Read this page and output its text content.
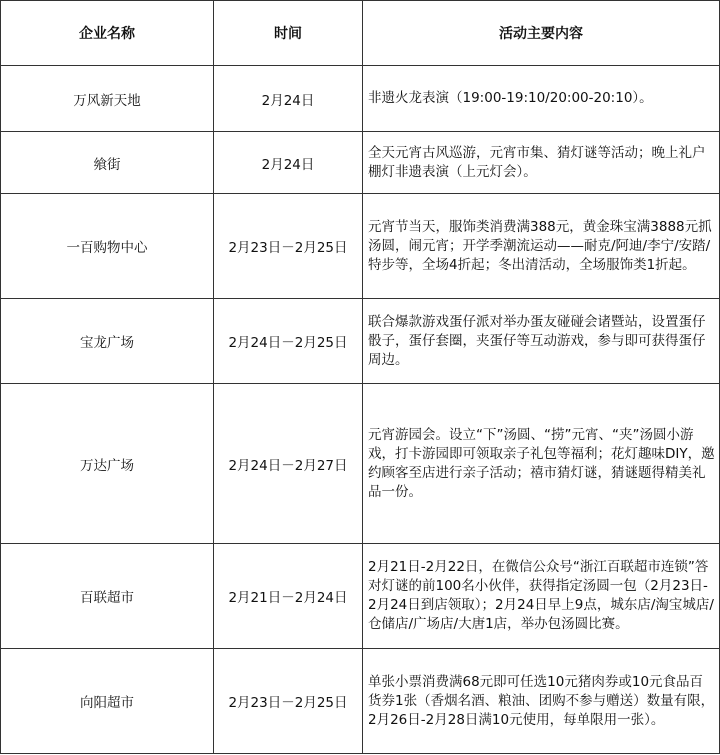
企业名称	时间	活动主要内容
万风新天地	2月24日	非遗火龙表演（19:00-19:10/20:00-20:10）。
飨街	2月24日	全天元宵古风巡游，元宵市集、猜灯谜等活动；晚上礼户棚灯非遗表演（上元灯会）。
一百购物中心	2月23日－2月25日	元宵节当天，服饰类消费满388元，黄金珠宝满3888元抓汤圆，闹元宵；开学季潮流运动——耐克/阿迪/李宁/安踏/特步等，全场4折起；冬出清活动，全场服饰类1折起。
宝龙广场	2月24日－2月25日	联合爆款游戏蛋仔派对举办蛋友碰碰会诸暨站，设置蛋仔骰子，蛋仔套圈，夹蛋仔等互动游戏，参与即可获得蛋仔周边。
万达广场	2月24日－2月27日	元宵游园会。设立“下”汤圆、“捞”元宵、“夹”汤圆小游戏，打卡游园即可领取亲子礼包等福利；花灯趣味DIY，邀约顾客至店进行亲子活动；禧市猜灯谜，猜谜题得精美礼品一份。
百联超市	2月21日－2月24日	2月21日-2月22日，在微信公众号“浙江百联超市连锁”答对灯谜的前100名小伙伴，获得指定汤圆一包（2月23日-2月24日到店领取）；2月24日早上9点，城东店/淘宝城店/仓储店/广场店/大唐1店，举办包汤圆比赛。
向阳超市	2月23日－2月25日	单张小票消费满68元即可任选10元猪肉券或10元食品百货券1张（香烟名酒、粮油、团购不参与赠送）数量有限，2月26日-2月28日满10元使用，每单限用一张）。
